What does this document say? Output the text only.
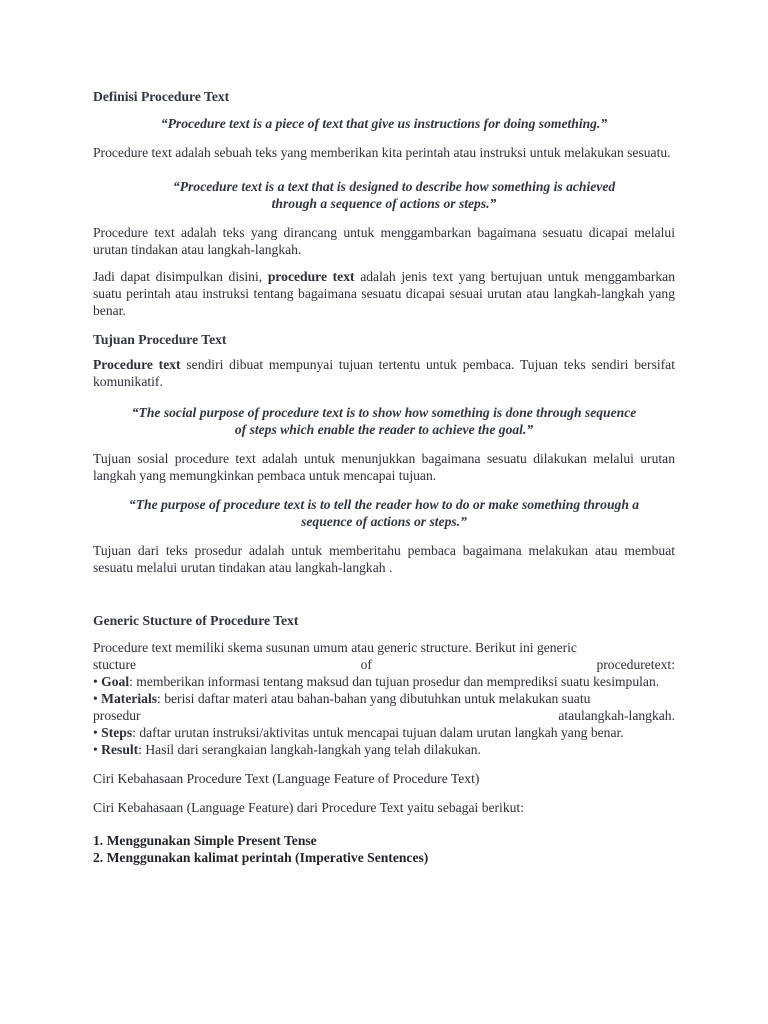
Definisi Procedure Text

“Procedure text is a piece of text that give us instructions for doing something.”

Procedure text adalah sebuah teks yang memberikan kita perintah atau instruksi untuk melakukan sesuatu.

“Procedure text is a text that is designed to describe how something is achieved

through a sequence of actions or steps.”

Procedure text adalah teks yang dirancang untuk menggambarkan bagaimana sesuatu dicapai melalui urutan tindakan atau langkah-langkah.

Jadi dapat disimpulkan disini, procedure text adalah jenis text yang bertujuan untuk menggambarkan suatu perintah atau instruksi tentang bagaimana sesuatu dicapai sesuai urutan atau langkah-langkah yang benar.

Tujuan Procedure Text

Procedure text sendiri dibuat mempunyai tujuan tertentu untuk pembaca. Tujuan teks sendiri bersifat komunikatif.

“The social purpose of procedure text is to show how something is done through sequence

of steps which enable the reader to achieve the goal.”

Tujuan sosial procedure text adalah untuk menunjukkan bagaimana sesuatu dilakukan melalui urutan langkah yang memungkinkan pembaca untuk mencapai tujuan.

“The purpose of procedure text is to tell the reader how to do or make something through a

sequence of actions or steps.”

Tujuan dari teks prosedur adalah untuk memberitahu pembaca bagaimana melakukan atau membuat sesuatu melalui urutan tindakan atau langkah-langkah .

Generic Stucture of Procedure Text

Procedure text memiliki skema susunan umum atau generic structure. Berikut ini generic

stucture	of	proceduretext:

• Goal: memberikan informasi tentang maksud dan tujuan prosedur dan memprediksi suatu kesimpulan.

• Materials: berisi daftar materi atau bahan-bahan yang dibutuhkan untuk melakukan suatu

prosedur	ataulangkah-langkah.

• Steps: daftar urutan instruksi/aktivitas untuk mencapai tujuan dalam urutan langkah yang benar.

• Result: Hasil dari serangkaian langkah-langkah yang telah dilakukan.

Ciri Kebahasaan Procedure Text (Language Feature of Procedure Text)

Ciri Kebahasaan (Language Feature) dari Procedure Text yaitu sebagai berikut:

1. Menggunakan Simple Present Tense

2. Menggunakan kalimat perintah (Imperative Sentences)
